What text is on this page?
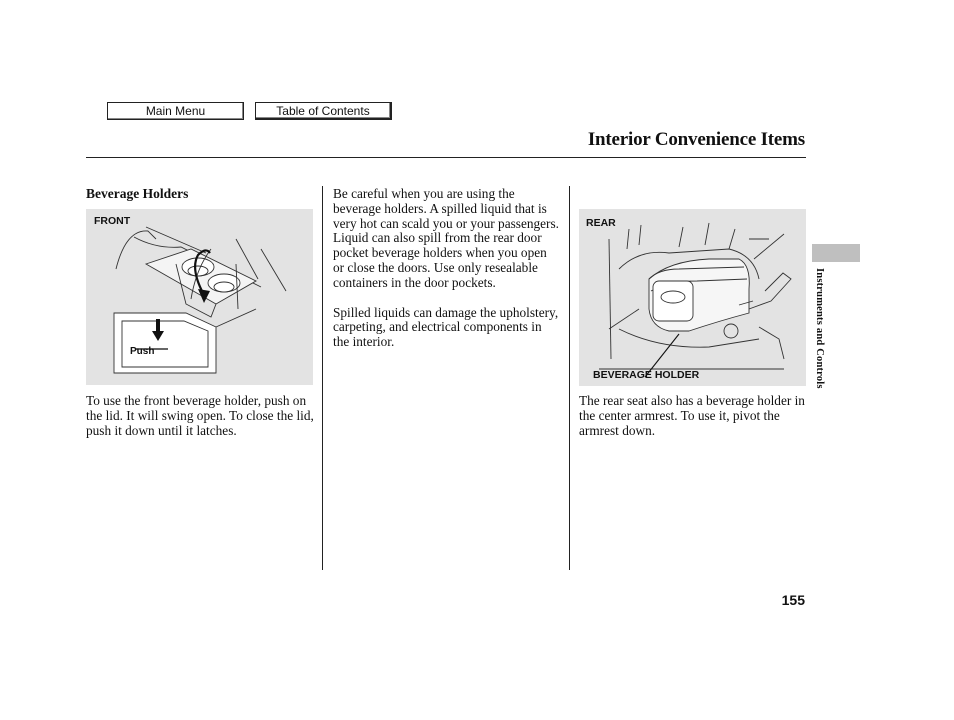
Main Menu	Table of Contents
Interior Convenience Items
Beverage Holders
FRONT
Push
To use the front beverage holder, push on the lid. It will swing open. To close the lid, push it down until it latches.

Be careful when you are using the beverage holders. A spilled liquid that is very hot can scald you or your passengers. Liquid can also spill from the rear door pocket beverage holders when you open or close the doors. Use only resealable containers in the door pockets.

Spilled liquids can damage the upholstery, carpeting, and electrical components in the interior.

REAR
BEVERAGE HOLDER
The rear seat also has a beverage holder in the center armrest. To use it, pivot the armrest down.
Instruments and Controls
155
